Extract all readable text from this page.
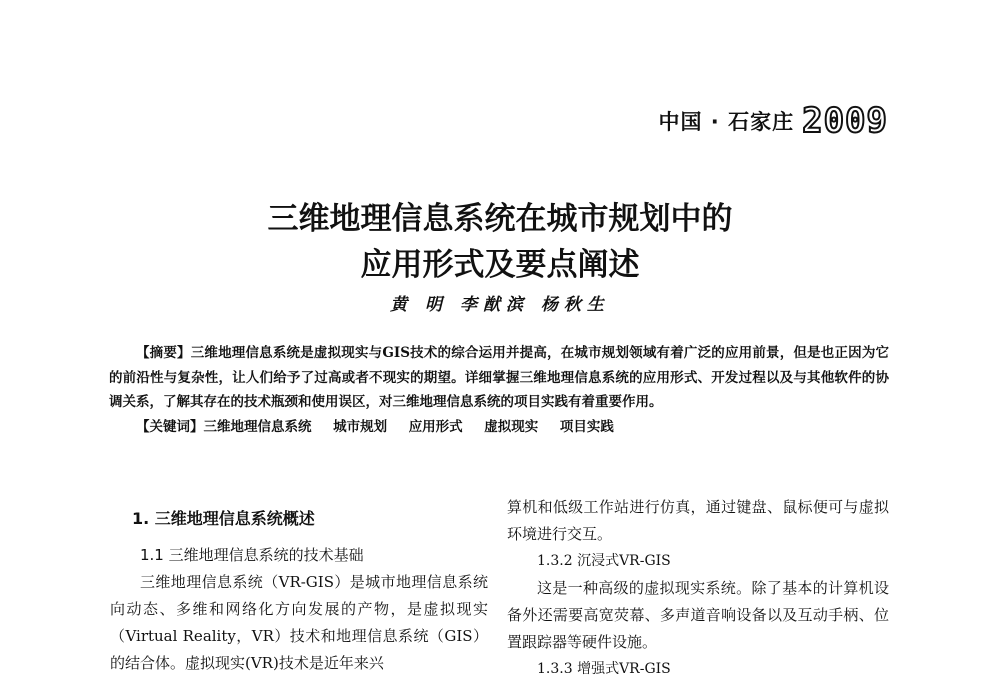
中国 · 石家庄 2009
三维地理信息系统在城市规划中的
应用形式及要点阐述
黄 明 李猷滨 杨秋生

【摘要】三维地理信息系统是虚拟现实与GIS技术的综合运用并提高，在城市规划领域有着广泛的应用前景，但是也正因为它的前沿性与复杂性，让人们给予了过高或者不现实的期望。详细掌握三维地理信息系统的应用形式、开发过程以及与其他软件的协调关系，了解其存在的技术瓶颈和使用误区，对三维地理信息系统的项目实践有着重要作用。

【关键词】三维地理信息系统 城市规划 应用形式 虚拟现实 项目实践

1. 三维地理信息系统概述
1.1 三维地理信息系统的技术基础

三维地理信息系统（VR-GIS）是城市地理信息系统向动态、多维和网络化方向发展的产物，是虚拟现实（Virtual Reality，VR）技术和地理信息系统（GIS）的结合体。虚拟现实(VR)技术是近年来兴

算机和低级工作站进行仿真，通过键盘、鼠标便可与虚拟环境进行交互。

1.3.2 沉浸式VR-GIS

这是一种高级的虚拟现实系统。除了基本的计算机设备外还需要高宽荧幕、多声道音响设备以及互动手柄、位置跟踪器等硬件设施。

1.3.3 增强式VR-GIS
